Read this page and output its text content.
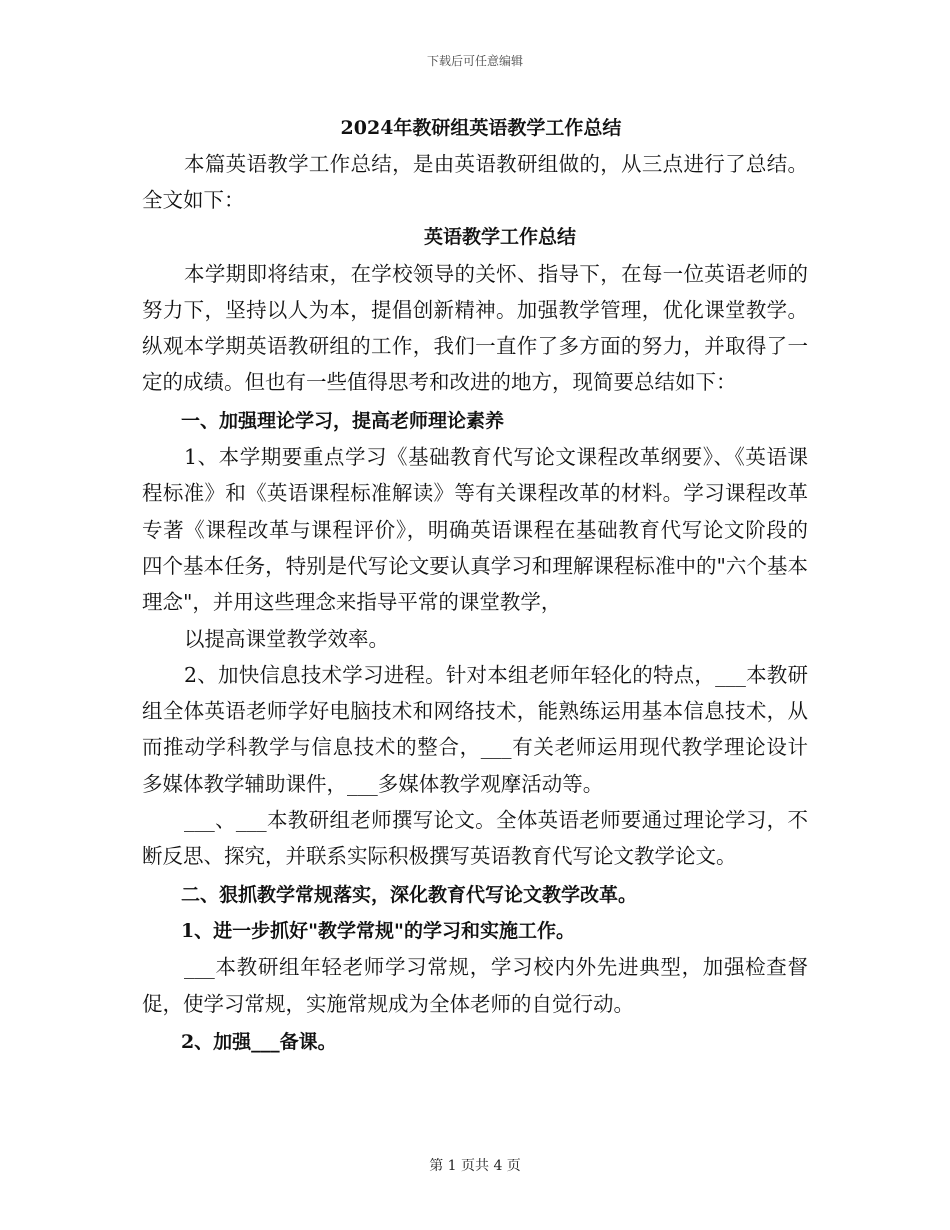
下载后可任意编辑

2024年教研组英语教学工作总结

本篇英语教学工作总结，是由英语教研组做的，从三点进行了总结。全文如下：

英语教学工作总结

本学期即将结束，在学校领导的关怀、指导下，在每一位英语老师的努力下，坚持以人为本，提倡创新精神。加强教学管理，优化课堂教学。纵观本学期英语教研组的工作，我们一直作了多方面的努力，并取得了一定的成绩。但也有一些值得思考和改进的地方，现简要总结如下：

一、加强理论学习，提高老师理论素养

1、本学期要重点学习《基础教育代写论文课程改革纲要》、《英语课程标准》和《英语课程标准解读》等有关课程改革的材料。学习课程改革专著《课程改革与课程评价》，明确英语课程在基础教育代写论文阶段的四个基本任务，特别是代写论文要认真学习和理解课程标准中的"六个基本理念"，并用这些理念来指导平常的课堂教学，

以提高课堂教学效率。

2、加快信息技术学习进程。针对本组老师年轻化的特点，___本教研组全体英语老师学好电脑技术和网络技术，能熟练运用基本信息技术，从而推动学科教学与信息技术的整合，___有关老师运用现代教学理论设计多媒体教学辅助课件，___多媒体教学观摩活动等。

___、___本教研组老师撰写论文。全体英语老师要通过理论学习，不断反思、探究，并联系实际积极撰写英语教育代写论文教学论文。

二、狠抓教学常规落实，深化教育代写论文教学改革。

1、进一步抓好"教学常规"的学习和实施工作。

___本教研组年轻老师学习常规，学习校内外先进典型，加强检查督促，使学习常规，实施常规成为全体老师的自觉行动。

2、加强___备课。

第 1 页共 4 页
